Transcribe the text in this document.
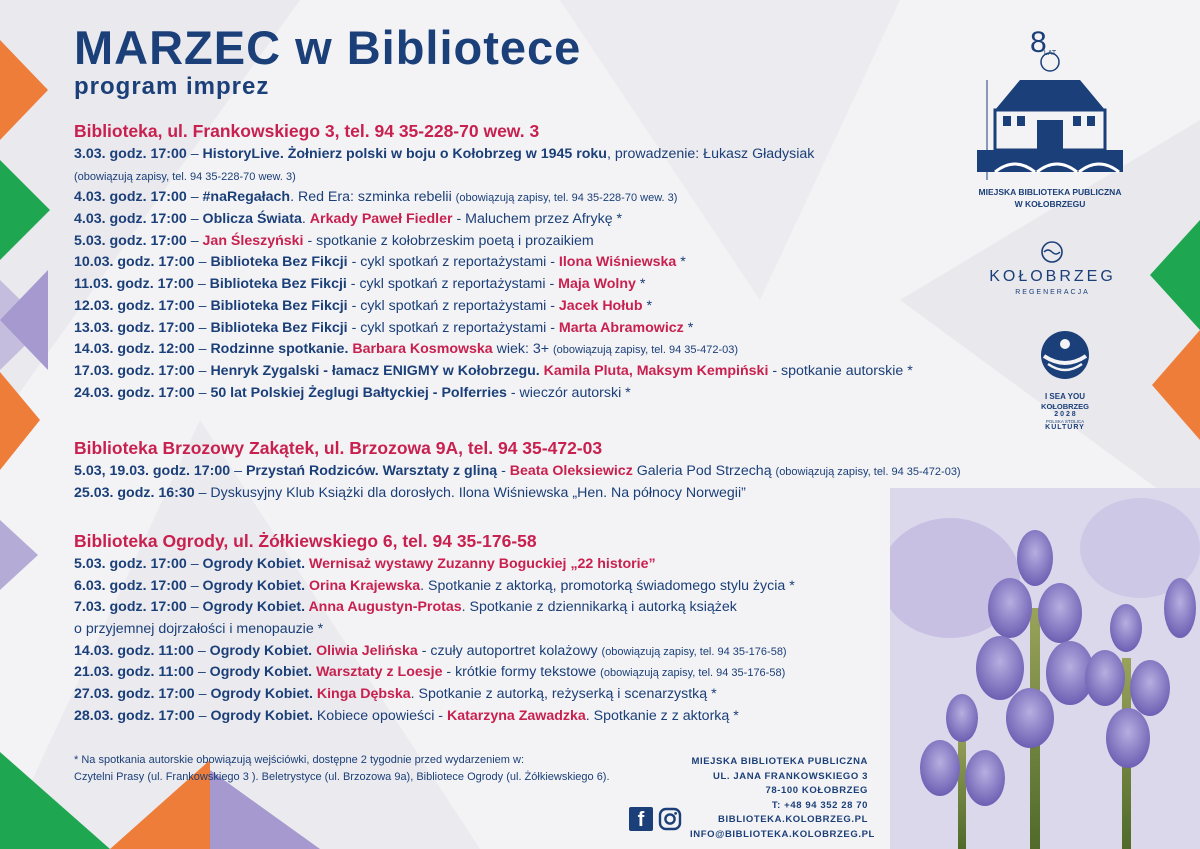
MARZEC w Bibliotece
program imprez
Biblioteka, ul. Frankowskiego 3, tel. 94 35-228-70 wew. 3
3.03. godz. 17:00 – HistoryLive. Żołnierz polski w boju o Kołobrzeg w 1945 roku, prowadzenie: Łukasz Gładysiak
(obowiązują zapisy, tel. 94 35-228-70 wew. 3)
4.03. godz. 17:00 – #naRegałach. Red Era: szminka rebelii (obowiązują zapisy, tel. 94 35-228-70 wew. 3)
4.03. godz. 17:00 – Oblicza Świata. Arkady Paweł Fiedler - Maluchem przez Afrykę *
5.03. godz. 17:00 – Jan Śleszyński - spotkanie z kołobrzeskim poetą i prozaikiem
10.03. godz. 17:00 – Biblioteka Bez Fikcji - cykl spotkań z reportażystami - Ilona Wiśniewska *
11.03. godz. 17:00 – Biblioteka Bez Fikcji - cykl spotkań z reportażystami - Maja Wolny *
12.03. godz. 17:00 – Biblioteka Bez Fikcji - cykl spotkań z reportażystami - Jacek Hołub *
13.03. godz. 17:00 – Biblioteka Bez Fikcji - cykl spotkań z reportażystami - Marta Abramowicz *
14.03. godz. 12:00 – Rodzinne spotkanie. Barbara Kosmowska wiek: 3+ (obowiązują zapisy, tel. 94 35-472-03)
17.03. godz. 17:00 – Henryk Zygalski - łamacz ENIGMY w Kołobrzegu. Kamila Pluta, Maksym Kempiński - spotkanie autorskie *
24.03. godz. 17:00 – 50 lat Polskiej Żeglugi Bałtyckiej - Polferries - wieczór autorski *
Biblioteka Brzozowy Zakątek, ul. Brzozowa 9A, tel. 94 35-472-03
5.03, 19.03. godz. 17:00 – Przystań Rodziców. Warsztaty z gliną - Beata Oleksiewicz Galeria Pod Strzechą (obowiązują zapisy, tel. 94 35-472-03)
25.03. godz. 16:30 – Dyskusyjny Klub Książki dla dorosłych. Ilona Wiśniewska „Hen. Na północy Norwegii”
Biblioteka Ogrody, ul. Żółkiewskiego 6, tel. 94 35-176-58
5.03. godz. 17:00 – Ogrody Kobiet. Wernisaż wystawy Zuzanny Boguckiej „22 historie”
6.03. godz. 17:00 – Ogrody Kobiet. Orina Krajewska. Spotkanie z aktorką, promotorką świadomego stylu życia *
7.03. godz. 17:00 – Ogrody Kobiet. Anna Augustyn-Protas. Spotkanie z dziennikarką i autorką książek
o przyjemnej dojrzałości i menopauzie *
14.03. godz. 11:00 – Ogrody Kobiet. Oliwia Jelińska - czuły autoportret kolażowy (obowiązują zapisy, tel. 94 35-176-58)
21.03. godz. 11:00 – Ogrody Kobiet. Warsztaty z Loesje - krótkie formy tekstowe (obowiązują zapisy, tel. 94 35-176-58)
27.03. godz. 17:00 – Ogrody Kobiet. Kinga Dębska. Spotkanie z autorką, reżyserką i scenarzystką *
28.03. godz. 17:00 – Ogrody Kobiet. Kobiece opowieści - Katarzyna Zawadzka. Spotkanie z z aktorką *
* Na spotkania autorskie obowiązują wejściówki, dostępne 2 tygodnie przed wydarzeniem w:
Czytelni Prasy (ul. Frankowskiego 3 ). Beletrystyce (ul. Brzozowa 9a), Bibliotece Ogrody (ul. Żółkiewskiego 6).
MIEJSKA BIBLIOTEKA PUBLICZNA
UL. JANA FRANKOWSKIEGO 3
78-100 KOŁOBRZEG
T: +48 94 352 28 70
BIBLIOTEKA.KOLOBRZEG.PL
INFO@BIBLIOTEKA.KOLOBRZEG.PL
f
8
LAT
MIEJSKA BIBLIOTEKA PUBLICZNA
W KOŁOBRZEGU
KOŁOBRZEG
REGENERACJA
I SEA YOU
KOŁOBRZEG
2 0 2 8
POLSKA STOLICA
KULTURY
